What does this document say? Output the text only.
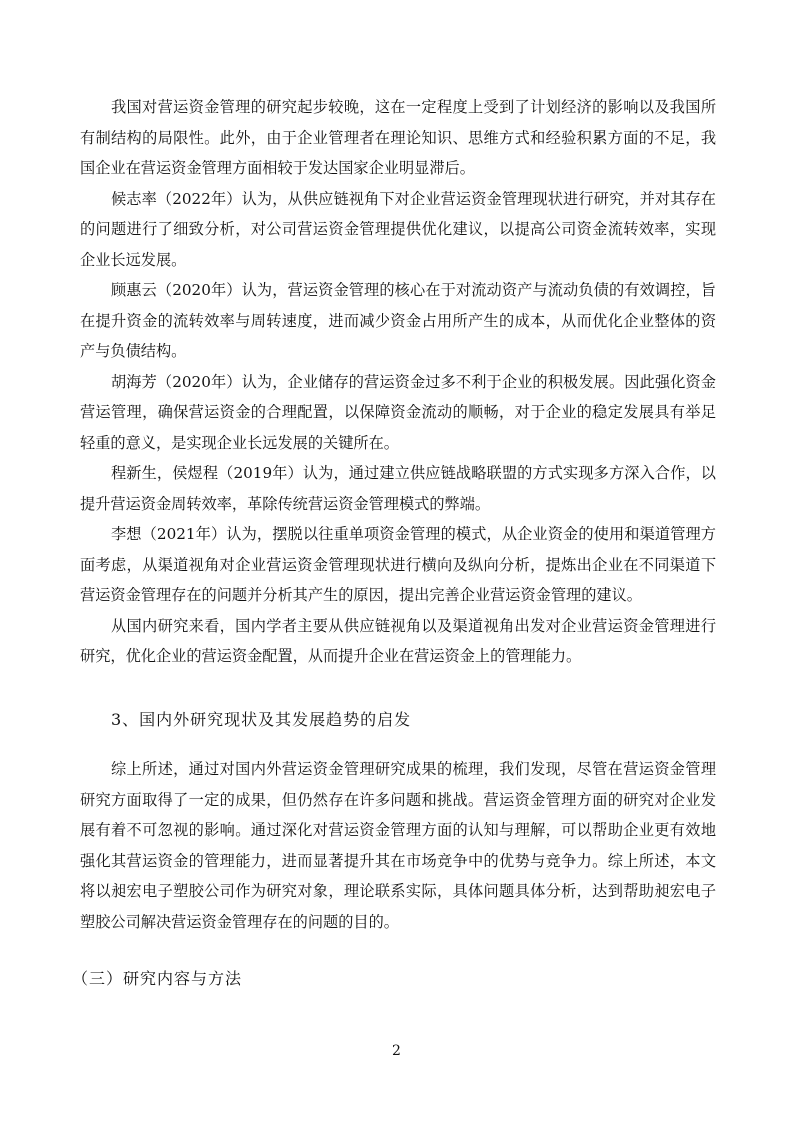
我国对营运资金管理的研究起步较晚，这在一定程度上受到了计划经济的影响以及我国所有制结构的局限性。此外，由于企业管理者在理论知识、思维方式和经验积累方面的不足，我国企业在营运资金管理方面相较于发达国家企业明显滞后。

候志率（2022年）认为，从供应链视角下对企业营运资金管理现状进行研究，并对其存在的问题进行了细致分析，对公司营运资金管理提供优化建议，以提高公司资金流转效率，实现企业长远发展。

顾惠云（2020年）认为，营运资金管理的核心在于对流动资产与流动负债的有效调控，旨在提升资金的流转效率与周转速度，进而减少资金占用所产生的成本，从而优化企业整体的资产与负债结构。

胡海芳（2020年）认为，企业储存的营运资金过多不利于企业的积极发展。因此强化资金营运管理，确保营运资金的合理配置，以保障资金流动的顺畅，对于企业的稳定发展具有举足轻重的意义，是实现企业长远发展的关键所在。

程新生，侯煜程（2019年）认为，通过建立供应链战略联盟的方式实现多方深入合作，以提升营运资金周转效率，革除传统营运资金管理模式的弊端。

李想（2021年）认为，摆脱以往重单项资金管理的模式，从企业资金的使用和渠道管理方面考虑，从渠道视角对企业营运资金管理现状进行横向及纵向分析，提炼出企业在不同渠道下营运资金管理存在的问题并分析其产生的原因，提出完善企业营运资金管理的建议。

从国内研究来看，国内学者主要从供应链视角以及渠道视角出发对企业营运资金管理进行研究，优化企业的营运资金配置，从而提升企业在营运资金上的管理能力。

3、国内外研究现状及其发展趋势的启发

综上所述，通过对国内外营运资金管理研究成果的梳理，我们发现，尽管在营运资金管理研究方面取得了一定的成果，但仍然存在许多问题和挑战。营运资金管理方面的研究对企业发展有着不可忽视的影响。通过深化对营运资金管理方面的认知与理解，可以帮助企业更有效地强化其营运资金的管理能力，进而显著提升其在市场竞争中的优势与竞争力。综上所述，本文将以昶宏电子塑胶公司作为研究对象，理论联系实际，具体问题具体分析，达到帮助昶宏电子塑胶公司解决营运资金管理存在的问题的目的。

（三）研究内容与方法
2
